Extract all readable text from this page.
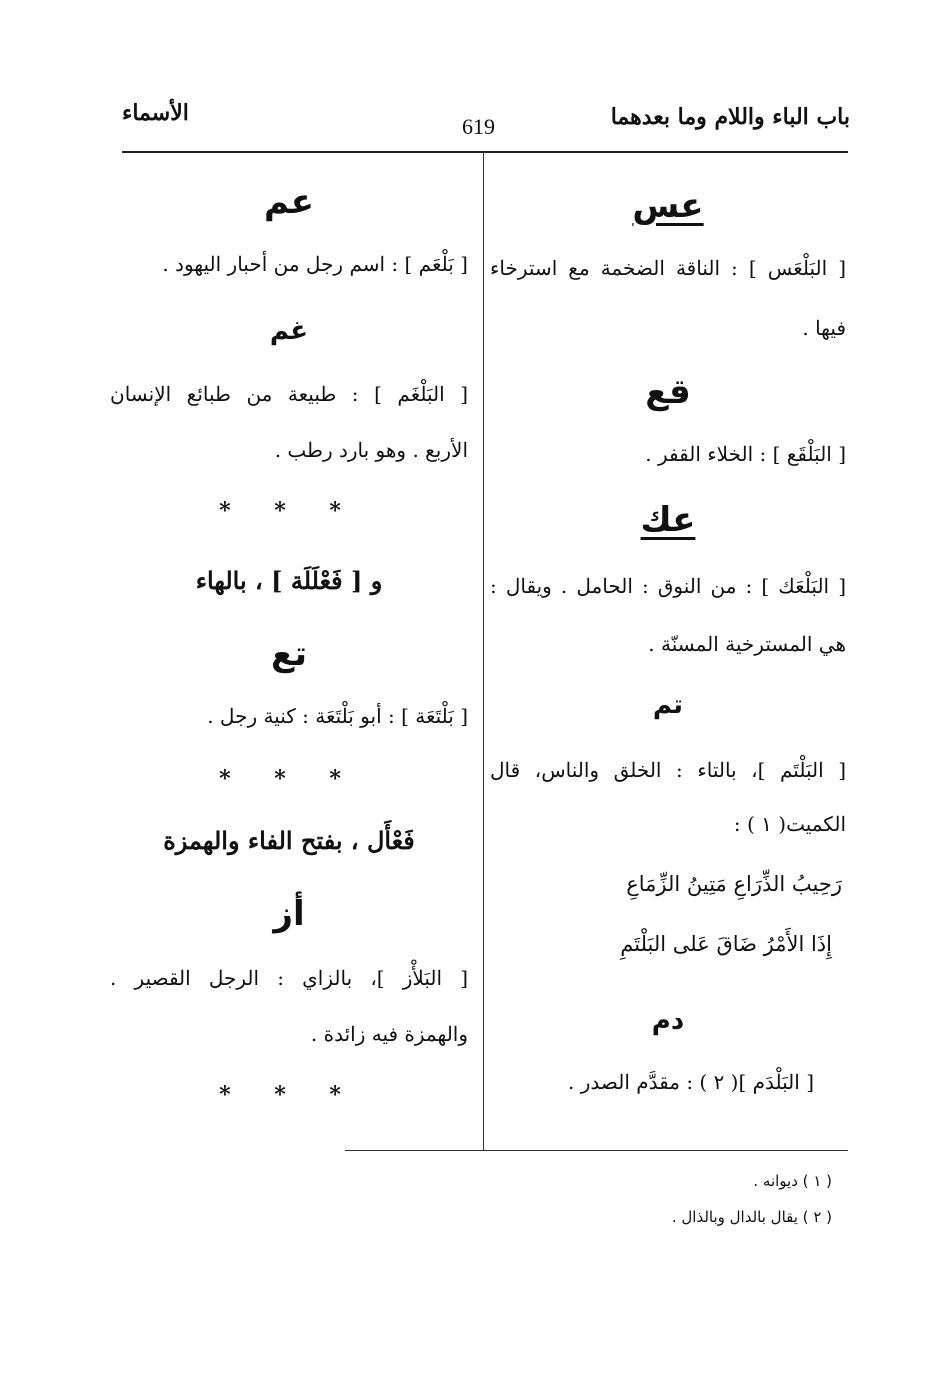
باب الباء واللام وما بعدهما
الأسماء
619
عس
[ البَلْعَس ] : الناقة الضخمة مع استرخاء
فيها .
قع
[ البَلْقَع ] : الخلاء القفر .
عك
[ البَلْعَك ] : من النوق : الحامل . ويقال :
هي المسترخية المسنّة .
تم
[ البَلْتَم ]، بالتاء : الخلق والناس، قال
الكميت( ١ ) :
رَحِيبُ الذِّرَاعِ مَتِينُ الزِّمَاعِ
إِذَا الأَمْرُ ضَاقَ عَلى البَلْتَمِ
دم
[ البَلْدَم ]( ٢ ) : مقدَّم الصدر .
عم
[ بَلْعَم ] : اسم رجل من أحبار اليهود .
غم
[ البَلْغَم ] : طبيعة من طبائع الإنسان
الأربع . وهو بارد رطب .
* * *
و [ فَعْلَلَة ] ، بالهاء
تع
[ بَلْتَعَة ] : أبو بَلْتَعَة : كنية رجل .
* * *
فَعْأَل ، بفتح الفاء والهمزة
أز
[ البَلأْز ]، بالزاي : الرجل القصير .
والهمزة فيه زائدة .
* * *
( ١ ) ديوانه .
( ٢ ) يقال بالدال وبالذال .
